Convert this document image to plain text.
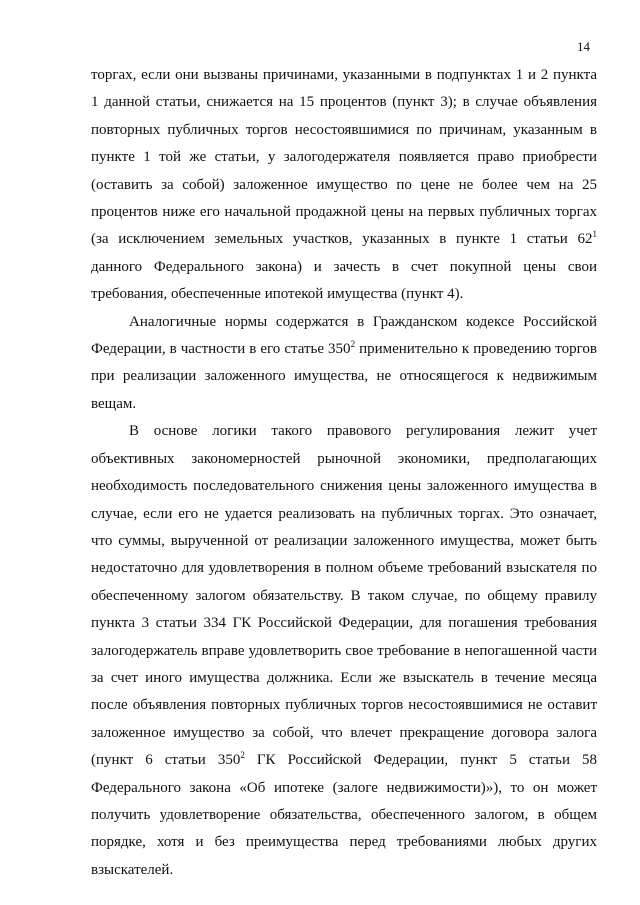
14

торгах, если они вызваны причинами, указанными в подпунктах 1 и 2 пункта 1 данной статьи, снижается на 15 процентов (пункт 3); в случае объявления повторных публичных торгов несостоявшимися по причинам, указанным в пункте 1 той же статьи, у залогодержателя появляется право приобрести (оставить за собой) заложенное имущество по цене не более чем на 25 процентов ниже его начальной продажной цены на первых публичных торгах (за исключением земельных участков, указанных в пункте 1 статьи $62^1$ данного Федерального закона) и зачесть в счет покупной цены свои требования, обеспеченные ипотекой имущества (пункт 4).

Аналогичные нормы содержатся в Гражданском кодексе Российской Федерации, в частности в его статье $350^2$ применительно к проведению торгов при реализации заложенного имущества, не относящегося к недвижимым вещам.

В основе логики такого правового регулирования лежит учет объективных закономерностей рыночной экономики, предполагающих необходимость последовательного снижения цены заложенного имущества в случае, если его не удается реализовать на публичных торгах. Это означает, что суммы, вырученной от реализации заложенного имущества, может быть недостаточно для удовлетворения в полном объеме требований взыскателя по обеспеченному залогом обязательству. В таком случае, по общему правилу пункта 3 статьи 334 ГК Российской Федерации, для погашения требования залогодержатель вправе удовлетворить свое требование в непогашенной части за счет иного имущества должника. Если же взыскатель в течение месяца после объявления повторных публичных торгов несостоявшимися не оставит заложенное имущество за собой, что влечет прекращение договора залога (пункт 6 статьи $350^2$ ГК Российской Федерации, пункт 5 статьи 58 Федерального закона «Об ипотеке (залоге недвижимости)»), то он может получить удовлетворение обязательства, обеспеченного залогом, в общем порядке, хотя и без преимущества перед требованиями любых других взыскателей.
